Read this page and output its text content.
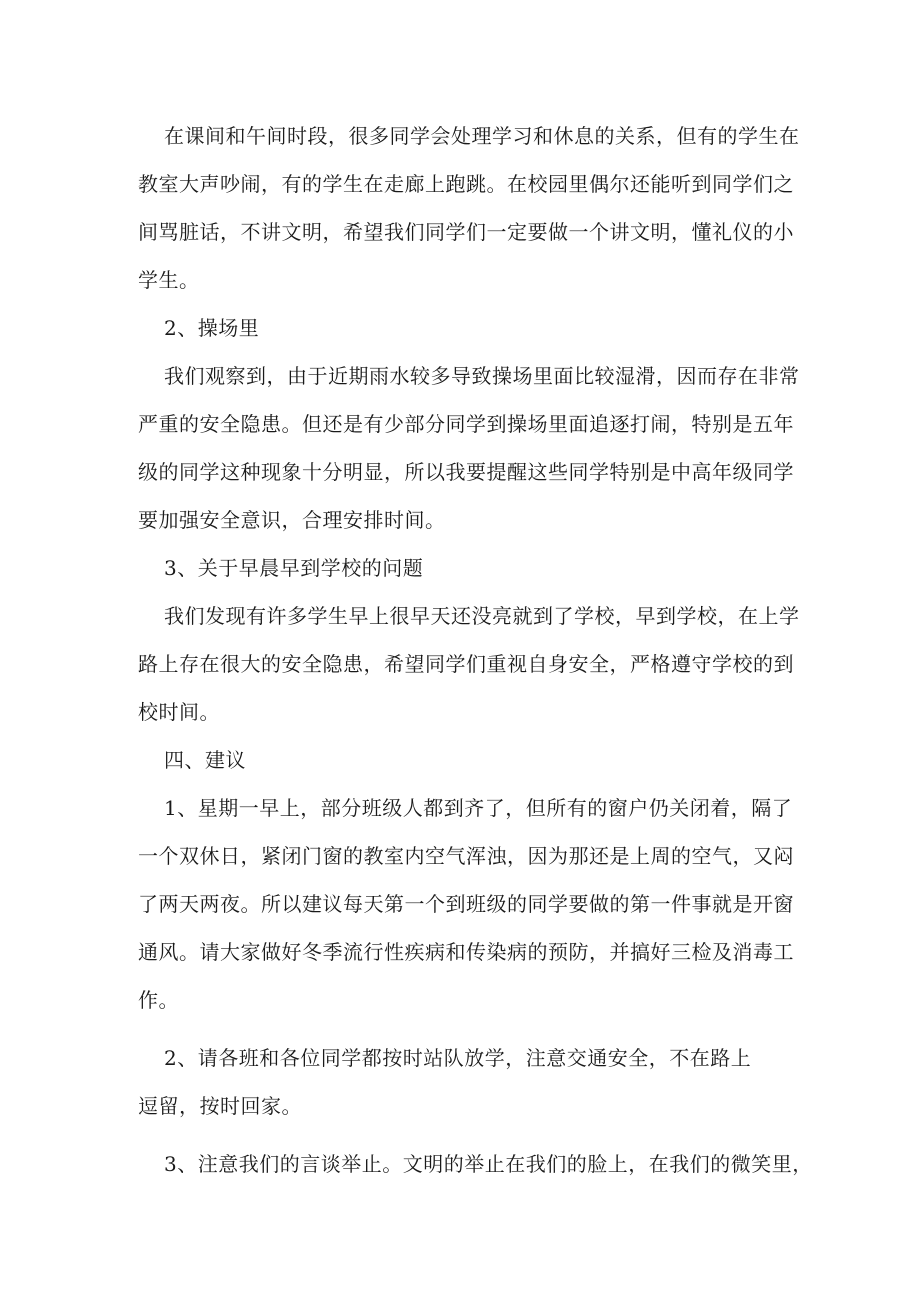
在课间和午间时段，很多同学会处理学习和休息的关系，但有的学生在
教室大声吵闹，有的学生在走廊上跑跳。在校园里偶尔还能听到同学们之
间骂脏话，不讲文明，希望我们同学们一定要做一个讲文明，懂礼仪的小
学生。
2、操场里
我们观察到，由于近期雨水较多导致操场里面比较湿滑，因而存在非常
严重的安全隐患。但还是有少部分同学到操场里面追逐打闹，特别是五年
级的同学这种现象十分明显，所以我要提醒这些同学特别是中高年级同学
要加强安全意识，合理安排时间。
3、关于早晨早到学校的问题
我们发现有许多学生早上很早天还没亮就到了学校，早到学校，在上学
路上存在很大的安全隐患，希望同学们重视自身安全，严格遵守学校的到
校时间。
四、建议
1、星期一早上，部分班级人都到齐了，但所有的窗户仍关闭着，隔了
一个双休日，紧闭门窗的教室内空气浑浊，因为那还是上周的空气，又闷
了两天两夜。所以建议每天第一个到班级的同学要做的第一件事就是开窗
通风。请大家做好冬季流行性疾病和传染病的预防，并搞好三检及消毒工
作。
2、请各班和各位同学都按时站队放学，注意交通安全，不在路上
逗留，按时回家。
3、注意我们的言谈举止。文明的举止在我们的脸上，在我们的微笑里，
